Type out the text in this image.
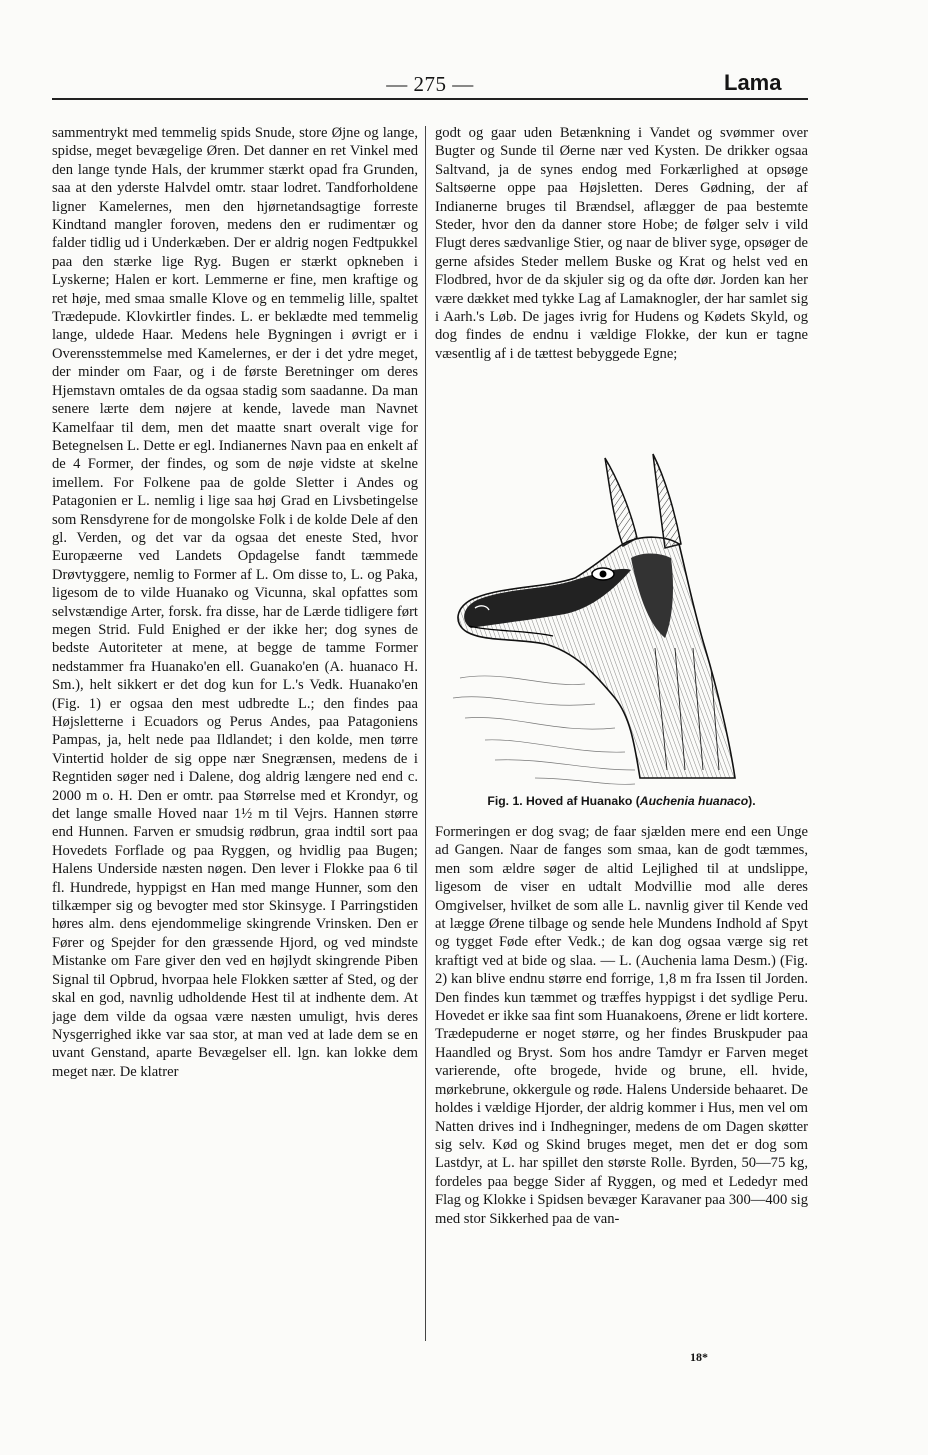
— 275 —	Lama

sammentrykt med temmelig spids Snude, store Øjne og lange, spidse, meget bevægelige Øren. Det danner en ret Vinkel med den lange tynde Hals, der krummer stærkt opad fra Grunden, saa at den yderste Halvdel omtr. staar lodret. Tandforholdene ligner Kamelernes, men den hjørnetandsagtige forreste Kindtand mangler foroven, medens den er rudimentær og falder tidlig ud i Underkæben. Der er aldrig nogen Fedtpukkel paa den stærke lige Ryg. Bugen er stærkt opkneben i Lyskerne; Halen er kort. Lemmerne er fine, men kraftige og ret høje, med smaa smalle Klove og en temmelig lille, spaltet Trædepude. Klovkirtler findes. L. er beklædte med temmelig lange, uldede Haar. Medens hele Bygningen i øvrigt er i Overensstemmelse med Kamelernes, er der i det ydre meget, der minder om Faar, og i de første Beretninger om deres Hjemstavn omtales de da ogsaa stadig som saadanne. Da man senere lærte dem nøjere at kende, lavede man Navnet Kamelfaar til dem, men det maatte snart overalt vige for Betegnelsen L. Dette er egl. Indianernes Navn paa en enkelt af de 4 Former, der findes, og som de nøje vidste at skelne imellem. For Folkene paa de golde Sletter i Andes og Patagonien er L. nemlig i lige saa høj Grad en Livsbetingelse som Rensdyrene for de mongolske Folk i de kolde Dele af den gl. Verden, og det var da ogsaa det eneste Sted, hvor Europæerne ved Landets Opdagelse fandt tæmmede Drøvtyggere, nemlig to Former af L. Om disse to, L. og Paka, ligesom de to vilde Huanako og Vicunna, skal opfattes som selvstændige Arter, forsk. fra disse, har de Lærde tidligere ført megen Strid. Fuld Enighed er der ikke her; dog synes de bedste Autoriteter at mene, at begge de tamme Former nedstammer fra Huanako'en ell. Guanako'en (A. huanaco H. Sm.), helt sikkert er det dog kun for L.'s Vedk. Huanako'en (Fig. 1) er ogsaa den mest udbredte L.; den findes paa Højsletterne i Ecuadors og Perus Andes, paa Patagoniens Pampas, ja, helt nede paa Ildlandet; i den kolde, men tørre Vintertid holder de sig oppe nær Snegrænsen, medens de i Regntiden søger ned i Dalene, dog aldrig længere ned end c. 2000 m o. H. Den er omtr. paa Størrelse med et Krondyr, og det lange smalle Hoved naar 1½ m til Vejrs. Hannen større end Hunnen. Farven er smudsig rødbrun, graa indtil sort paa Hovedets Forflade og paa Ryggen, og hvidlig paa Bugen; Halens Underside næsten nøgen. Den lever i Flokke paa 6 til fl. Hundrede, hyppigst en Han med mange Hunner, som den tilkæmper sig og bevogter med stor Skinsyge. I Parringstiden høres alm. dens ejendommelige skingrende Vrinsken. Den er Fører og Spejder for den græssende Hjord, og ved mindste Mistanke om Fare giver den ved en højlydt skingrende Piben Signal til Opbrud, hvorpaa hele Flokken sætter af Sted, og der skal en god, navnlig udholdende Hest til at indhente dem. At jage dem vilde da ogsaa være næsten umuligt, hvis deres Nysgerrighed ikke var saa stor, at man ved at lade dem se en uvant Genstand, aparte Bevægelser ell. lgn. kan lokke dem meget nær. De klatrer

godt og gaar uden Betænkning i Vandet og svømmer over Bugter og Sunde til Øerne nær ved Kysten. De drikker ogsaa Saltvand, ja de synes endog med Forkærlighed at opsøge Saltsøerne oppe paa Højsletten. Deres Gødning, der af Indianerne bruges til Brændsel, aflægger de paa bestemte Steder, hvor den da danner store Hobe; de følger selv i vild Flugt deres sædvanlige Stier, og naar de bliver syge, opsøger de gerne afsides Steder mellem Buske og Krat og helst ved en Flodbred, hvor de da skjuler sig og da ofte dør. Jorden kan her være dækket med tykke Lag af Lamaknogler, der har samlet sig i Aarh.'s Løb. De jages ivrig for Hudens og Kødets Skyld, og dog findes de endnu i vældige Flokke, der kun er tagne væsentlig af i de tættest bebyggede Egne;

Fig. 1. Hoved af Huanako (Auchenia huanaco).

Formeringen er dog svag; de faar sjælden mere end een Unge ad Gangen. Naar de fanges som smaa, kan de godt tæmmes, men som ældre søger de altid Lejlighed til at undslippe, ligesom de viser en udtalt Modvillie mod alle deres Omgivelser, hvilket de som alle L. navnlig giver til Kende ved at lægge Ørene tilbage og sende hele Mundens Indhold af Spyt og tygget Føde efter Vedk.; de kan dog ogsaa værge sig ret kraftigt ved at bide og slaa. — L. (Auchenia lama Desm.) (Fig. 2) kan blive endnu større end forrige, 1,8 m fra Issen til Jorden. Den findes kun tæmmet og træffes hyppigst i det sydlige Peru. Hovedet er ikke saa fint som Huanakoens, Ørene er lidt kortere. Trædepuderne er noget større, og her findes Bruskpuder paa Haandled og Bryst. Som hos andre Tamdyr er Farven meget varierende, ofte brogede, hvide og brune, ell. hvide, mørkebrune, okkergule og røde. Halens Underside behaaret. De holdes i vældige Hjorder, der aldrig kommer i Hus, men vel om Natten drives ind i Indhegninger, medens de om Dagen skøtter sig selv. Kød og Skind bruges meget, men det er dog som Lastdyr, at L. har spillet den største Rolle. Byrden, 50—75 kg, fordeles paa begge Sider af Ryggen, og med et Lededyr med Flag og Klokke i Spidsen bevæger Karavaner paa 300—400 sig med stor Sikkerhed paa de van-

18*
